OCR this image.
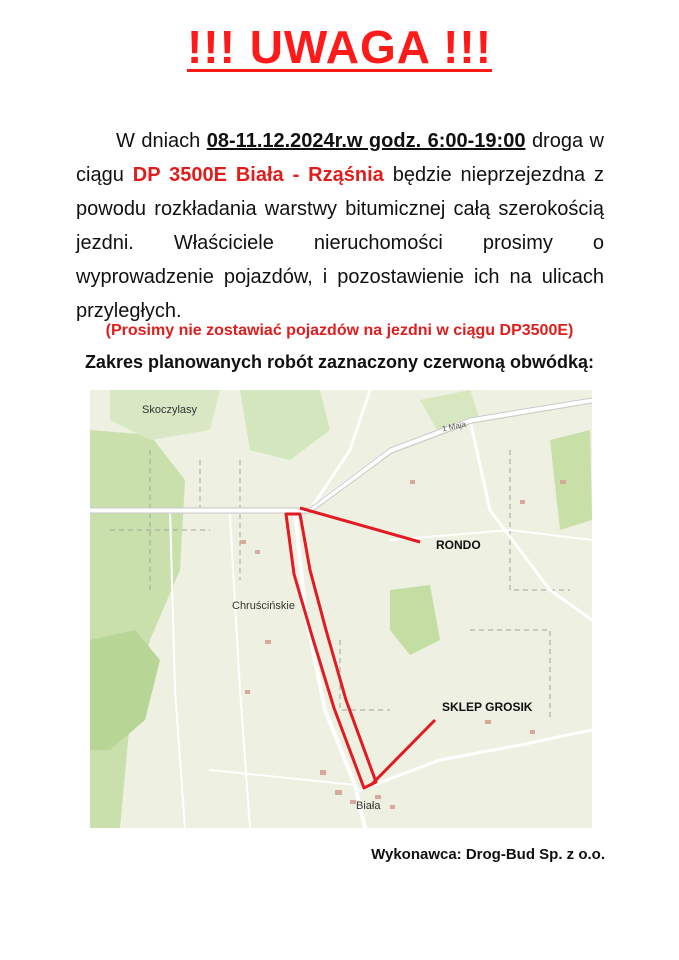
!!! UWAGA !!!

W dniach 08-11.12.2024r.w godz. 6:00-19:00 droga w ciągu DP 3500E Biała - Rząśnia będzie nieprzejezdna z powodu rozkładania warstwy bitumicznej całą szerokością jezdni. Właściciele nieruchomości prosimy o wyprowadzenie pojazdów, i pozostawienie ich na ulicach przyległych.

(Prosimy nie zostawiać pojazdów na jezdni w ciągu DP3500E)
Zakres planowanych robót zaznaczony czerwoną obwódką:
Skoczylasy
1 Maja
Chruścińskie
RONDO
SKLEP GROSIK
Biała
Wykonawca: Drog-Bud Sp. z o.o.
